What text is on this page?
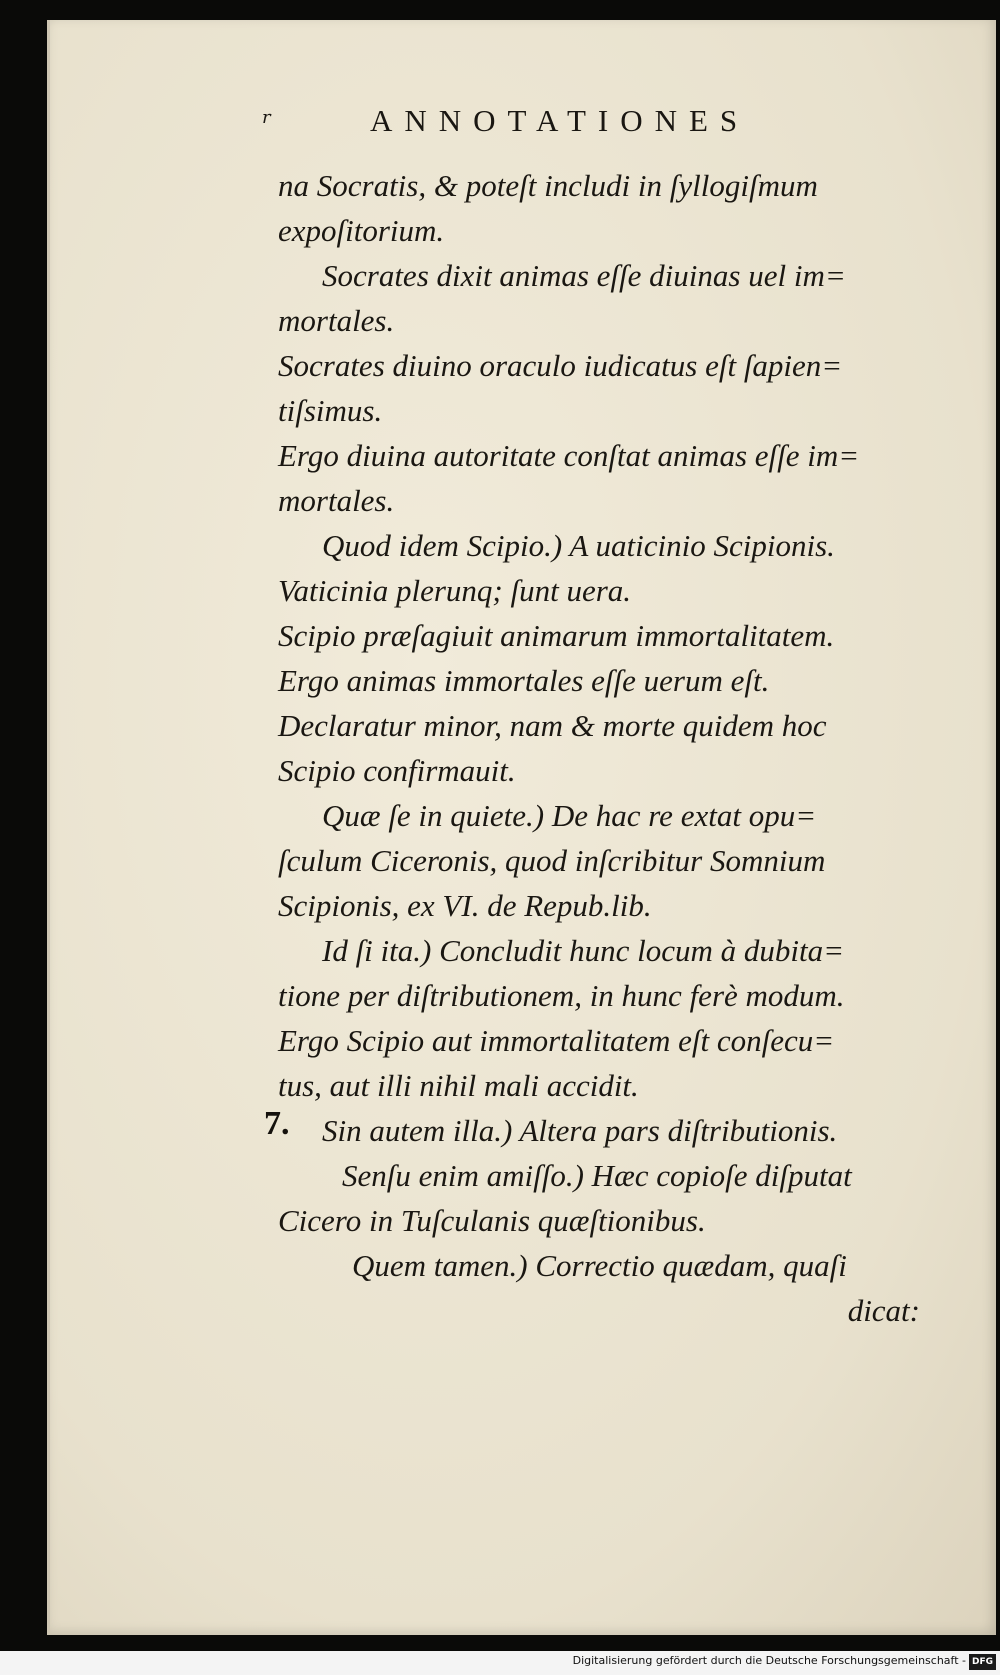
r	ANNOTATIONES
7.
na Socratis, & poteſt includi in ſyllogiſmum
expoſitorium.
Socrates dixit animas eſſe diuinas uel im=
mortales.
Socrates diuino oraculo iudicatus eſt ſapien=
tiſsimus.
Ergo diuina autoritate conſtat animas eſſe im=
mortales.
Quod idem Scipio.) A uaticinio Scipionis.
Vaticinia plerunq; ſunt uera.
Scipio præſagiuit animarum immortalitatem.
Ergo animas immortales eſſe uerum eſt.
Declaratur minor, nam & morte quidem hoc
Scipio confirmauit.
Quæ ſe in quiete.) De hac re extat opu=
ſculum Ciceronis, quod inſcribitur Somnium
Scipionis, ex VI. de Repub.lib.
Id ſi ita.) Concludit hunc locum à dubita=
tione per diſtributionem, in hunc ferè modum.
Ergo Scipio aut immortalitatem eſt conſecu=
tus, aut illi nihil mali accidit.
Sin autem illa.) Altera pars diſtributionis.
Senſu enim amiſſo.) Hæc copioſe diſputat
Cicero in Tuſculanis quæſtionibus.
Quem tamen.) Correctio quædam, quaſi
dicat:
Digitalisierung gefördert durch die Deutsche Forschungsgemeinschaft - DFG
